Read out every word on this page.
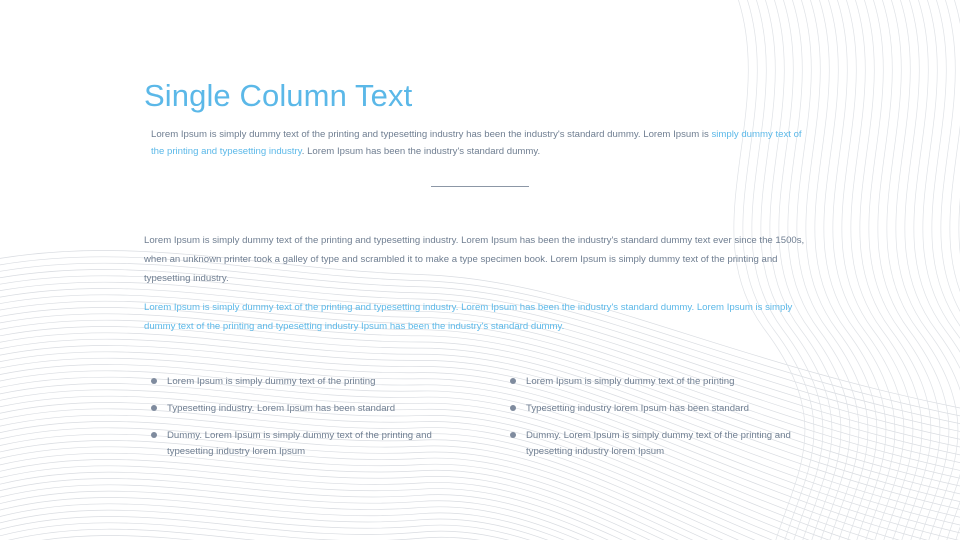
Single Column Text

Lorem Ipsum is simply dummy text of the printing and typesetting industry has been the industry's standard dummy. Lorem Ipsum is simply dummy text of the printing and typesetting industry. Lorem Ipsum has been the industry's standard dummy.

Lorem Ipsum is simply dummy text of the printing and typesetting industry. Lorem Ipsum has been the industry's standard dummy text ever since the 1500s, when an unknown printer took a galley of type and scrambled it to make a type specimen book. Lorem Ipsum is simply dummy text of the printing and typesetting industry.

Lorem Ipsum is simply dummy text of the printing and typesetting industry. Lorem Ipsum has been the industry's standard dummy. Lorem Ipsum is simply dummy text of the printing and typesetting industry Ipsum has been the industry's standard dummy.

Lorem Ipsum is simply dummy text of the printing
Typesetting industry. Lorem Ipsum has been standard
Dummy. Lorem Ipsum is simply dummy text of the printing and typesetting industry lorem Ipsum
Lorem Ipsum is simply dummy text of the printing
Typesetting industry lorem Ipsum has been standard
Dummy. Lorem Ipsum is simply dummy text of the printing and typesetting industry lorem Ipsum
